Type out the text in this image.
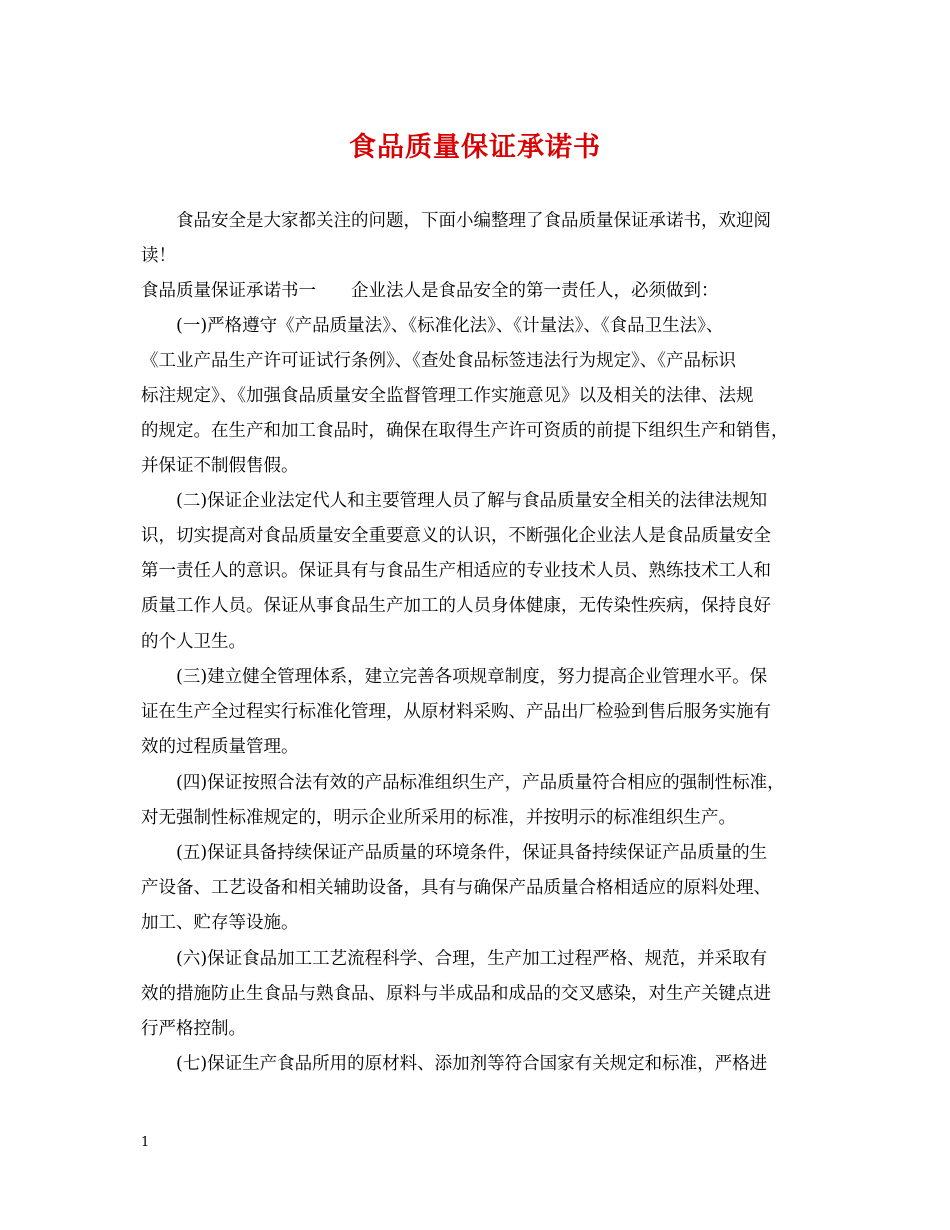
食品质量保证承诺书
　　食品安全是大家都关注的问题，下面小编整理了食品质量保证承诺书，欢迎阅
读！
食品质量保证承诺书一　　企业法人是食品安全的第一责任人，必须做到：
　　(一)严格遵守《产品质量法》、《标准化法》、《计量法》、《食品卫生法》、
《工业产品生产许可证试行条例》、《查处食品标签违法行为规定》、《产品标识
标注规定》、《加强食品质量安全监督管理工作实施意见》以及相关的法律、法规
的规定。在生产和加工食品时，确保在取得生产许可资质的前提下组织生产和销售，
并保证不制假售假。
　　(二)保证企业法定代人和主要管理人员了解与食品质量安全相关的法律法规知
识，切实提高对食品质量安全重要意义的认识，不断强化企业法人是食品质量安全
第一责任人的意识。保证具有与食品生产相适应的专业技术人员、熟练技术工人和
质量工作人员。保证从事食品生产加工的人员身体健康，无传染性疾病，保持良好
的个人卫生。
　　(三)建立健全管理体系，建立完善各项规章制度，努力提高企业管理水平。保
证在生产全过程实行标准化管理，从原材料采购、产品出厂检验到售后服务实施有
效的过程质量管理。
　　(四)保证按照合法有效的产品标准组织生产，产品质量符合相应的强制性标准，
对无强制性标准规定的，明示企业所采用的标准，并按明示的标准组织生产。
　　(五)保证具备持续保证产品质量的环境条件，保证具备持续保证产品质量的生
产设备、工艺设备和相关辅助设备，具有与确保产品质量合格相适应的原料处理、
加工、贮存等设施。
　　(六)保证食品加工工艺流程科学、合理，生产加工过程严格、规范，并采取有
效的措施防止生食品与熟食品、原料与半成品和成品的交叉感染，对生产关键点进
行严格控制。
　　(七)保证生产食品所用的原材料、添加剂等符合国家有关规定和标准，严格进
1
